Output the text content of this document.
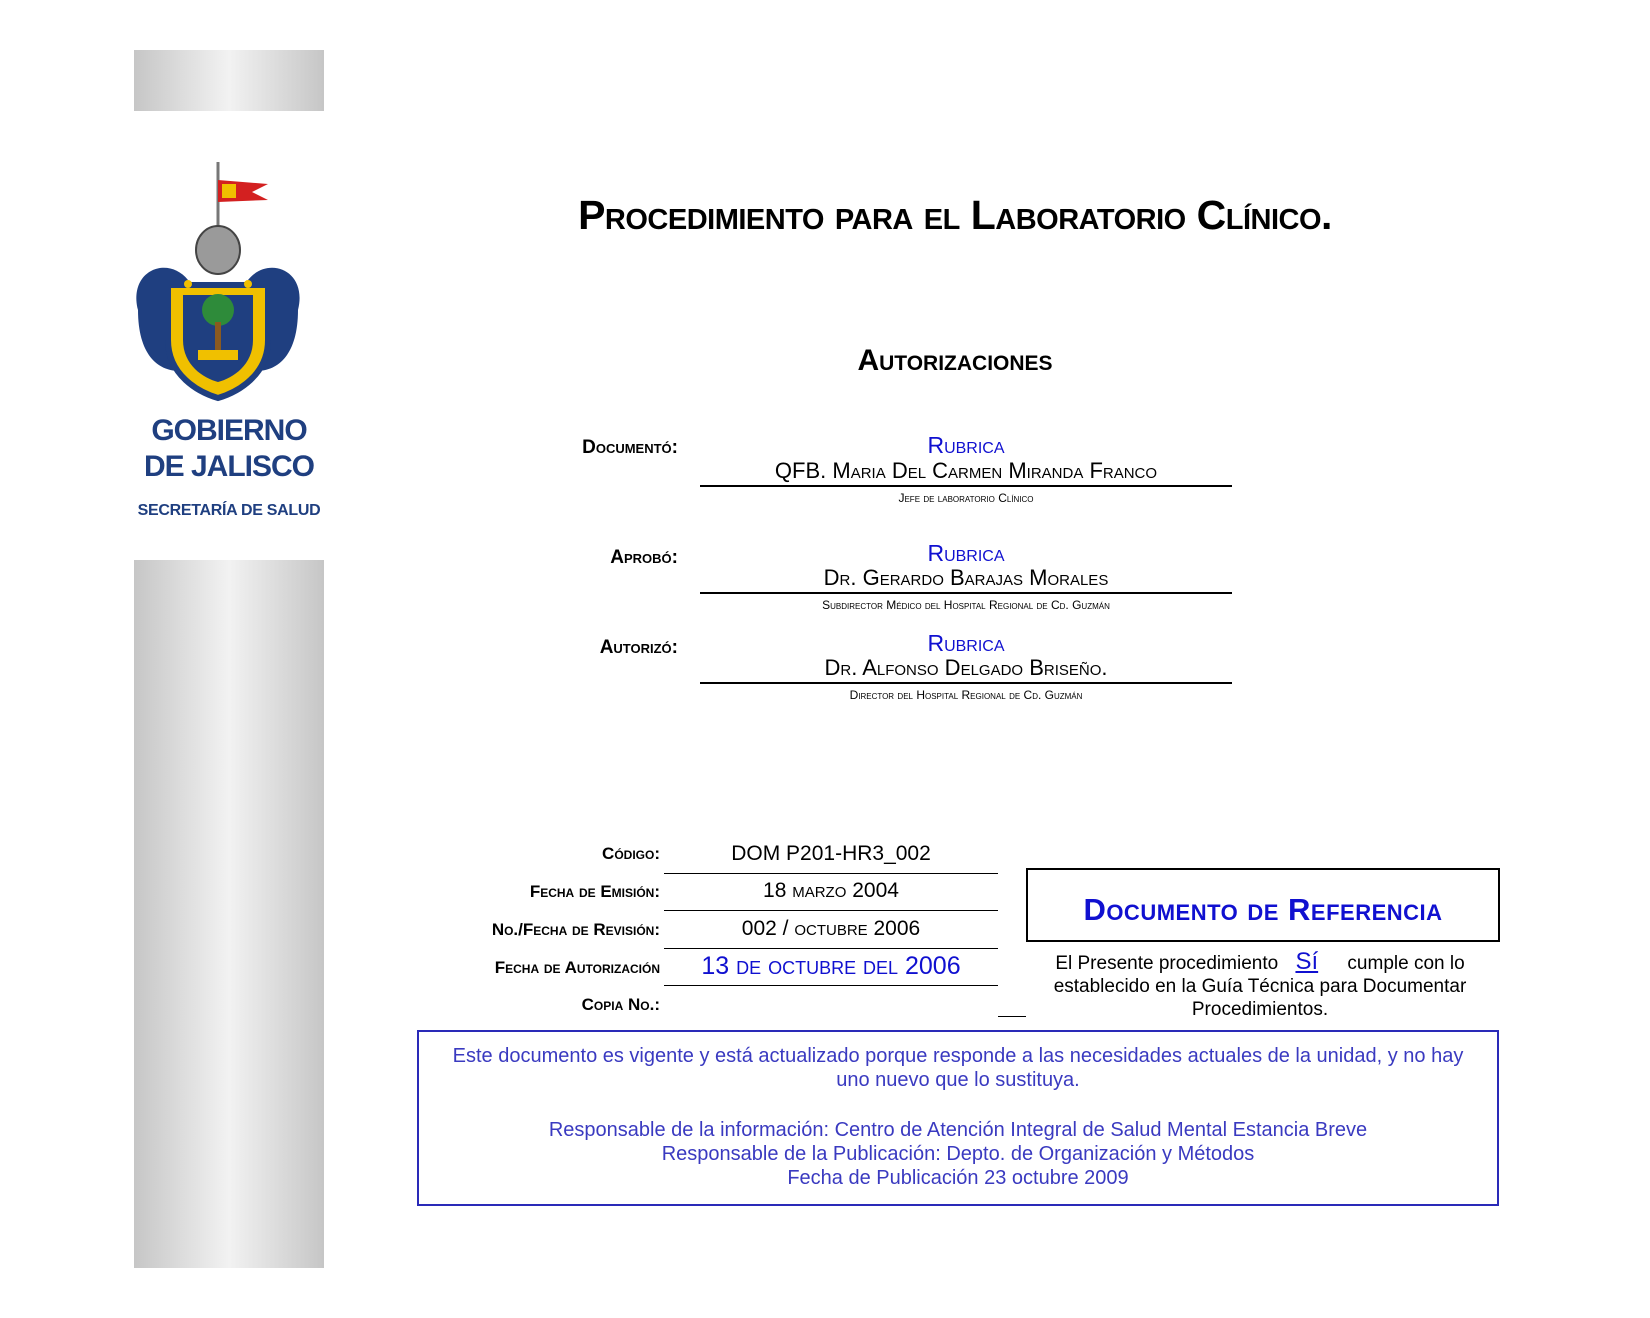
GOBIERNO
DE JALISCO
SECRETARÍA DE SALUD
Procedimiento para el Laboratorio Clínico.
Autorizaciones
Documentó:	Rubrica
QFB. Maria Del Carmen Miranda Franco
Jefe de laboratorio Clínico
Aprobó:	Rubrica
Dr. Gerardo Barajas Morales
Subdirector Médico del Hospital Regional de Cd. Guzmán
Autorizó:	Rubrica
Dr. Alfonso Delgado Briseño.
Director del Hospital Regional de Cd. Guzmán
Código:	DOM P201-HR3_002
Fecha de Emisión:	18 marzo 2004
No./Fecha de Revisión:	002 / octubre 2006
Fecha de Autorización	13 de octubre del 2006
Copia No.:
Documento de Referencia
El Presente procedimiento Sí cumple con lo establecido en la Guía Técnica para Documentar Procedimientos.

Este documento es vigente y está actualizado porque responde a las necesidades actuales de la unidad, y no hay uno nuevo que lo sustituya.

Responsable de la información: Centro de Atención Integral de Salud Mental Estancia Breve

Responsable de la Publicación: Depto. de Organización y Métodos

Fecha de Publicación 23 octubre 2009
